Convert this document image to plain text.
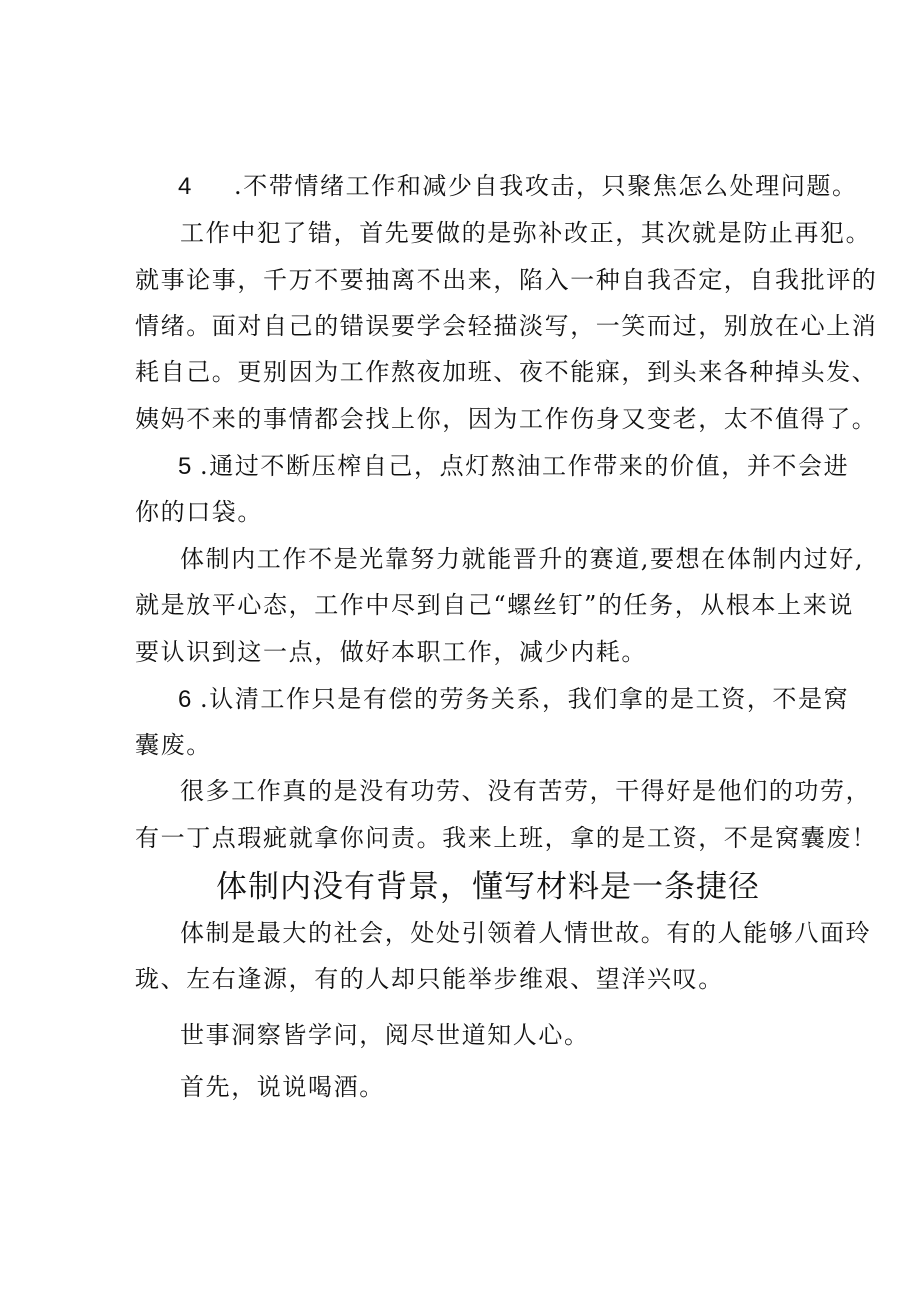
4 .不带情绪工作和减少自我攻击，只聚焦怎么处理问题。
工作中犯了错，首先要做的是弥补改正，其次就是防止再犯。
就事论事，千万不要抽离不出来，陷入一种自我否定，自我批评的
情绪。面对自己的错误要学会轻描淡写，一笑而过，别放在心上消
耗自己。更别因为工作熬夜加班、夜不能寐，到头来各种掉头发、
姨妈不来的事情都会找上你，因为工作伤身又变老，太不值得了。
5 .通过不断压榨自己，点灯熬油工作带来的价值，并不会进
你的口袋。
体制内工作不是光靠努力就能晋升的赛道,要想在体制内过好,
就是放平心态，工作中尽到自己“螺丝钉”的任务，从根本上来说
要认识到这一点，做好本职工作，减少内耗。
6 .认清工作只是有偿的劳务关系，我们拿的是工资，不是窝
囊废。
很多工作真的是没有功劳、没有苦劳，干得好是他们的功劳，
有一丁点瑕疵就拿你问责。我来上班，拿的是工资，不是窝囊废！
体制内没有背景，懂写材料是一条捷径
体制是最大的社会，处处引领着人情世故。有的人能够八面玲
珑、左右逢源，有的人却只能举步维艰、望洋兴叹。
世事洞察皆学问，阅尽世道知人心。
首先，说说喝酒。
